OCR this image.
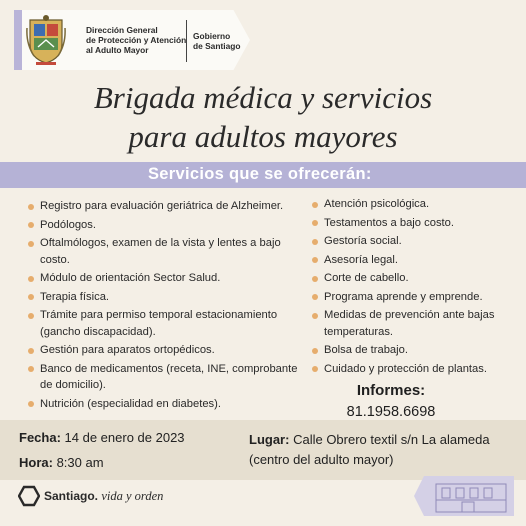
Dirección General
de Protección y Atención
al Adulto Mayor
Gobierno
de Santiago
Brigada médica y servicios
para adultos mayores
Servicios que se ofrecerán:
Registro para evaluación geriátrica de Alzheimer.
Podólogos.
Oftalmólogos, examen de la vista y lentes a bajo costo.
Módulo de orientación Sector Salud.
Terapia física.
Trámite para permiso temporal estacionamiento (gancho discapacidad).
Gestión para aparatos ortopédicos.
Banco de medicamentos (receta, INE, comprobante de domicilio).
Nutrición (especialidad en diabetes).
Atención psicológica.
Testamentos a bajo costo.
Gestoría social.
Asesoría legal.
Corte de cabello.
Programa aprende y emprende.
Medidas de prevención ante bajas temperaturas.
Bolsa de trabajo.
Cuidado y protección de plantas.
Informes:
81.1958.6698
Fecha: 14 de enero de 2023
Hora: 8:30 am
Lugar: Calle Obrero textil s/n La alameda (centro del adulto mayor)
Santiago. vida y orden
